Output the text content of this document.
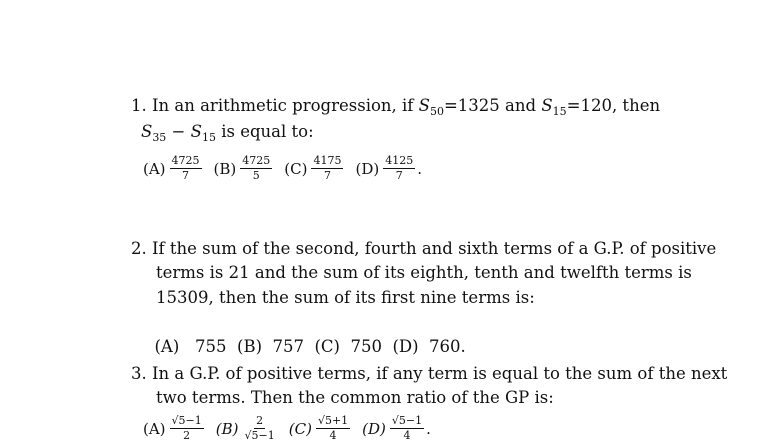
1. In an arithmetic progression, if $S_{50}=1325$ and $S_{15}=120$, then
$S_{35} - S_{15}$ is equal to:
$(A) \frac{4725}{7} (B) \frac{4725}{5} (C) \frac{4175}{7} (D) \frac{4125}{7}$ .
2. If the sum of the second, fourth and sixth terms of a G.P. of positive
terms is 21 and the sum of its eighth, tenth and twelfth terms is
15309, then the sum of its first nine terms is:

(A)   755  (B)  757  (C)  750  (D)  760.

3. In a G.P. of positive terms, if any term is equal to the sum of the next
two terms. Then the common ratio of the GP is:
$(A) \frac{√5-1}{2} (B) \frac{2}{√5-1} (C) \frac{√5+1}{4} (D) \frac{√5-1}{4}$ .
